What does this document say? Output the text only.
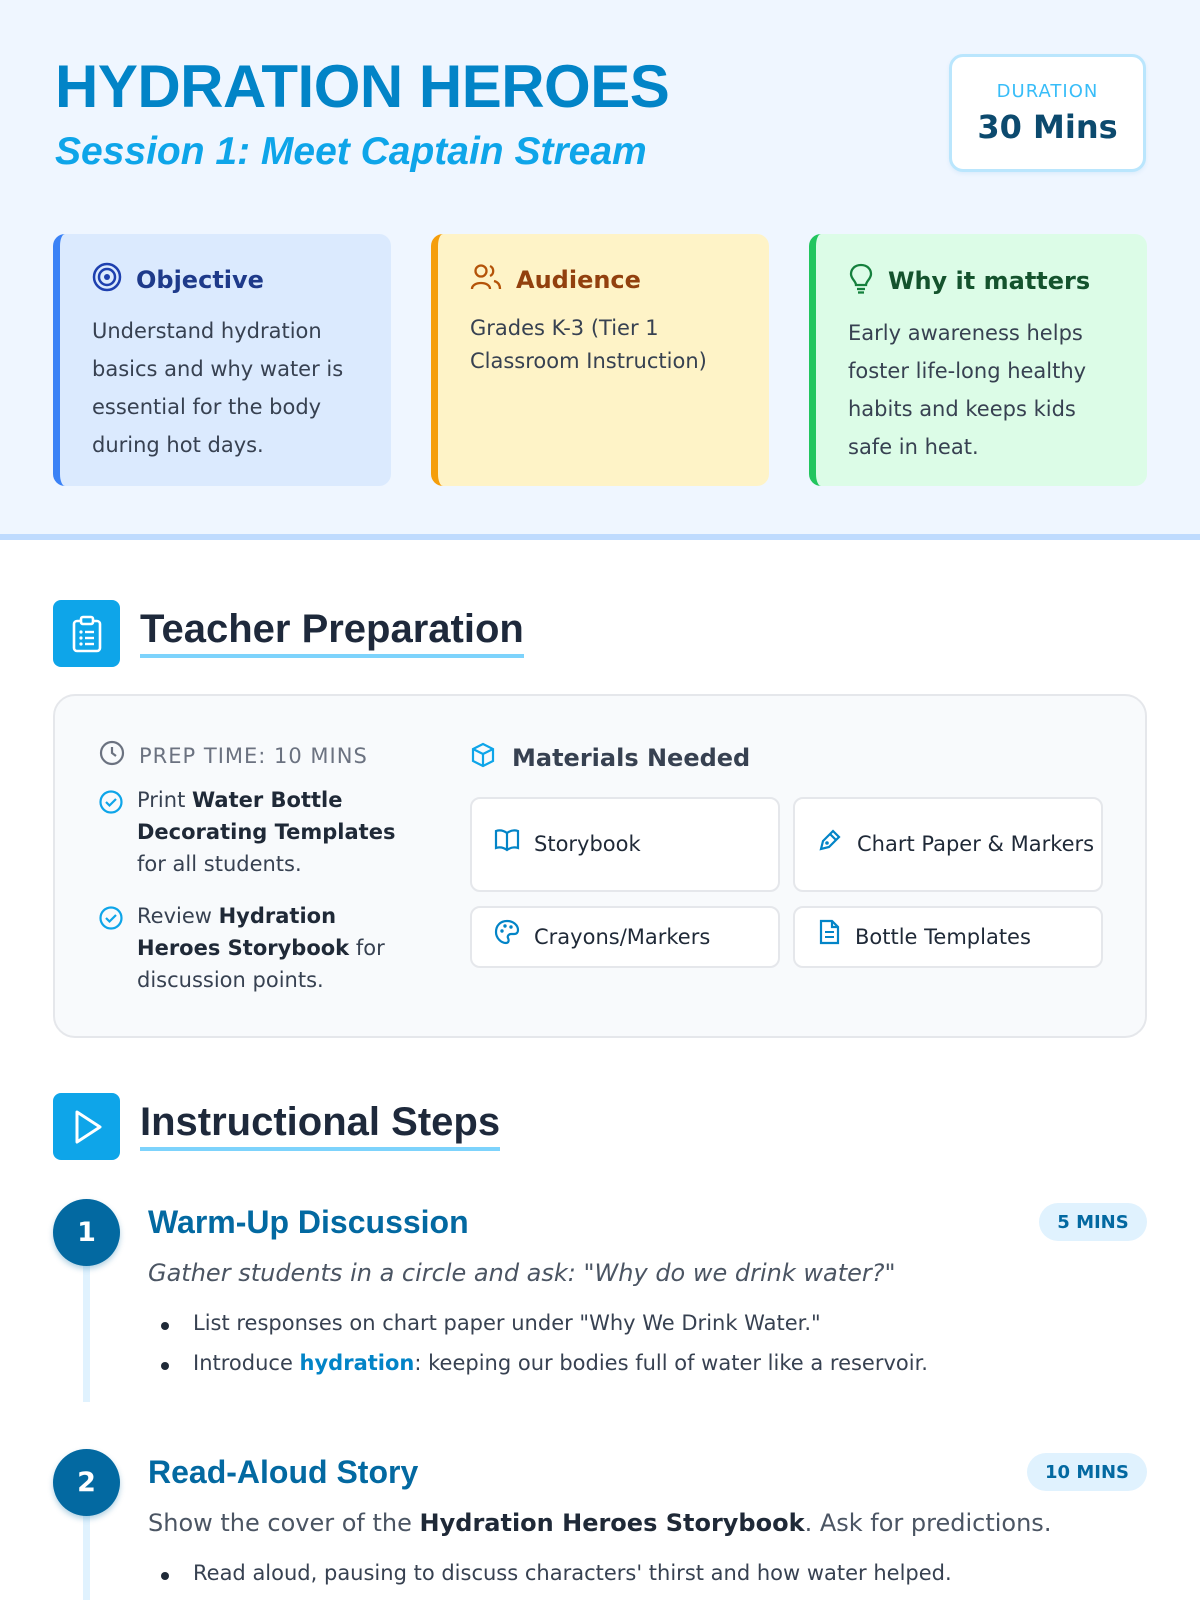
HYDRATION HEROES
Session 1: Meet Captain Stream
DURATION
30 Mins
Objective
Understand hydration basics and why water is essential for the body during hot days.
Audience
Grades K-3 (Tier 1 Classroom Instruction)
Why it matters
Early awareness helps foster life-long healthy habits and keeps kids safe in heat.
Teacher Preparation
PREP TIME: 10 MINS
Print Water Bottle Decorating Templates for all students.
Review Hydration Heroes Storybook for discussion points.
Materials Needed
Storybook	Chart Paper & Markers
Crayons/Markers	Bottle Templates
Instructional Steps
1	Warm-Up Discussion	5 MINS
Gather students in a circle and ask: "Why do we drink water?"
List responses on chart paper under "Why We Drink Water."
Introduce hydration: keeping our bodies full of water like a reservoir.
2	Read-Aloud Story	10 MINS
Show the cover of the Hydration Heroes Storybook. Ask for predictions.
Read aloud, pausing to discuss characters' thirst and how water helped.
